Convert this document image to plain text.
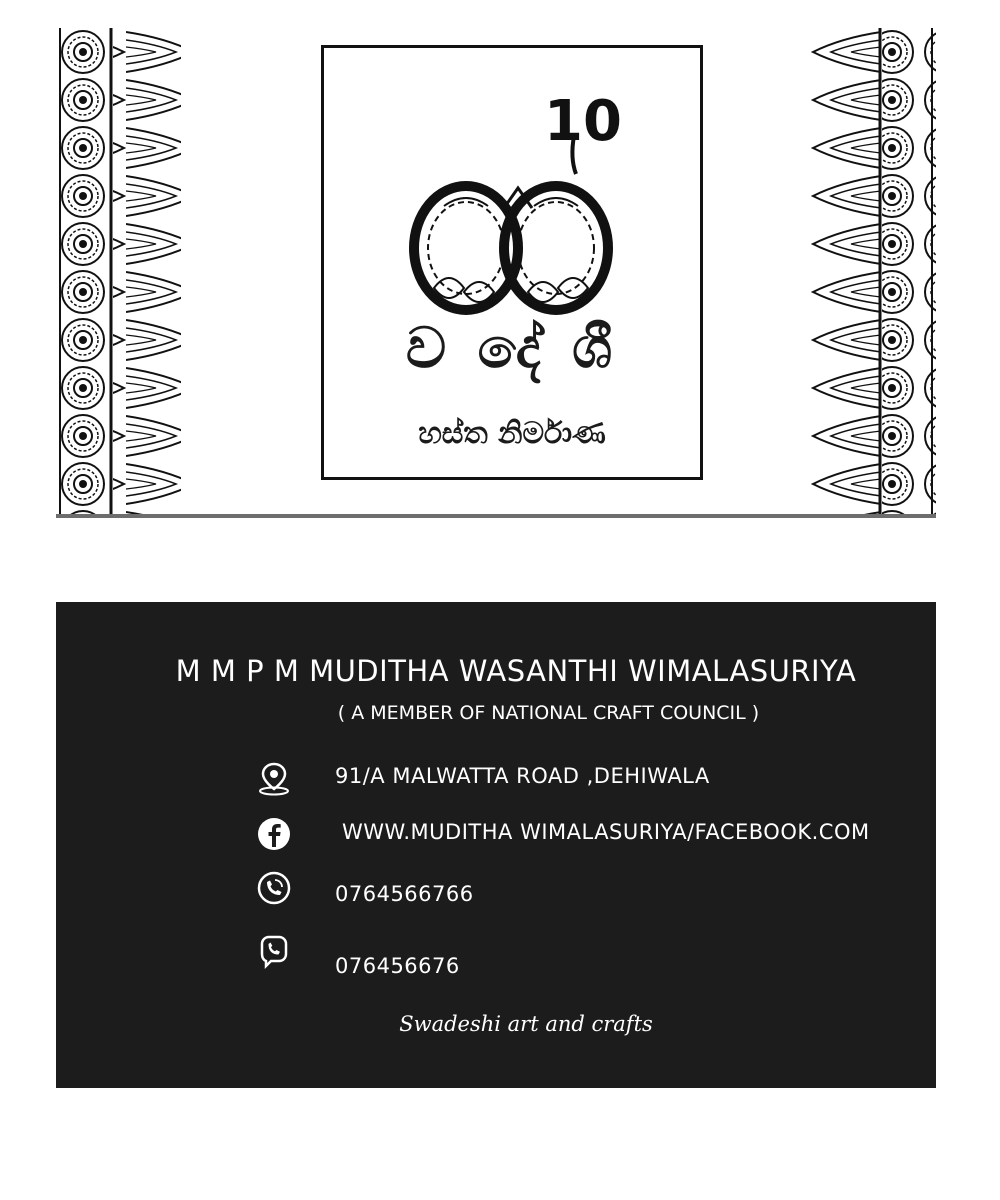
10
ව දේ ශී
හස්ත නිර්මාණ
M M P M MUDITHA WASANTHI WIMALASURIYA
( A MEMBER OF NATIONAL CRAFT COUNCIL )
91/A MALWATTA ROAD ,DEHIWALA
WWW.MUDITHA WIMALASURIYA/FACEBOOK.COM
0764566766
076456676
Swadeshi art and crafts
